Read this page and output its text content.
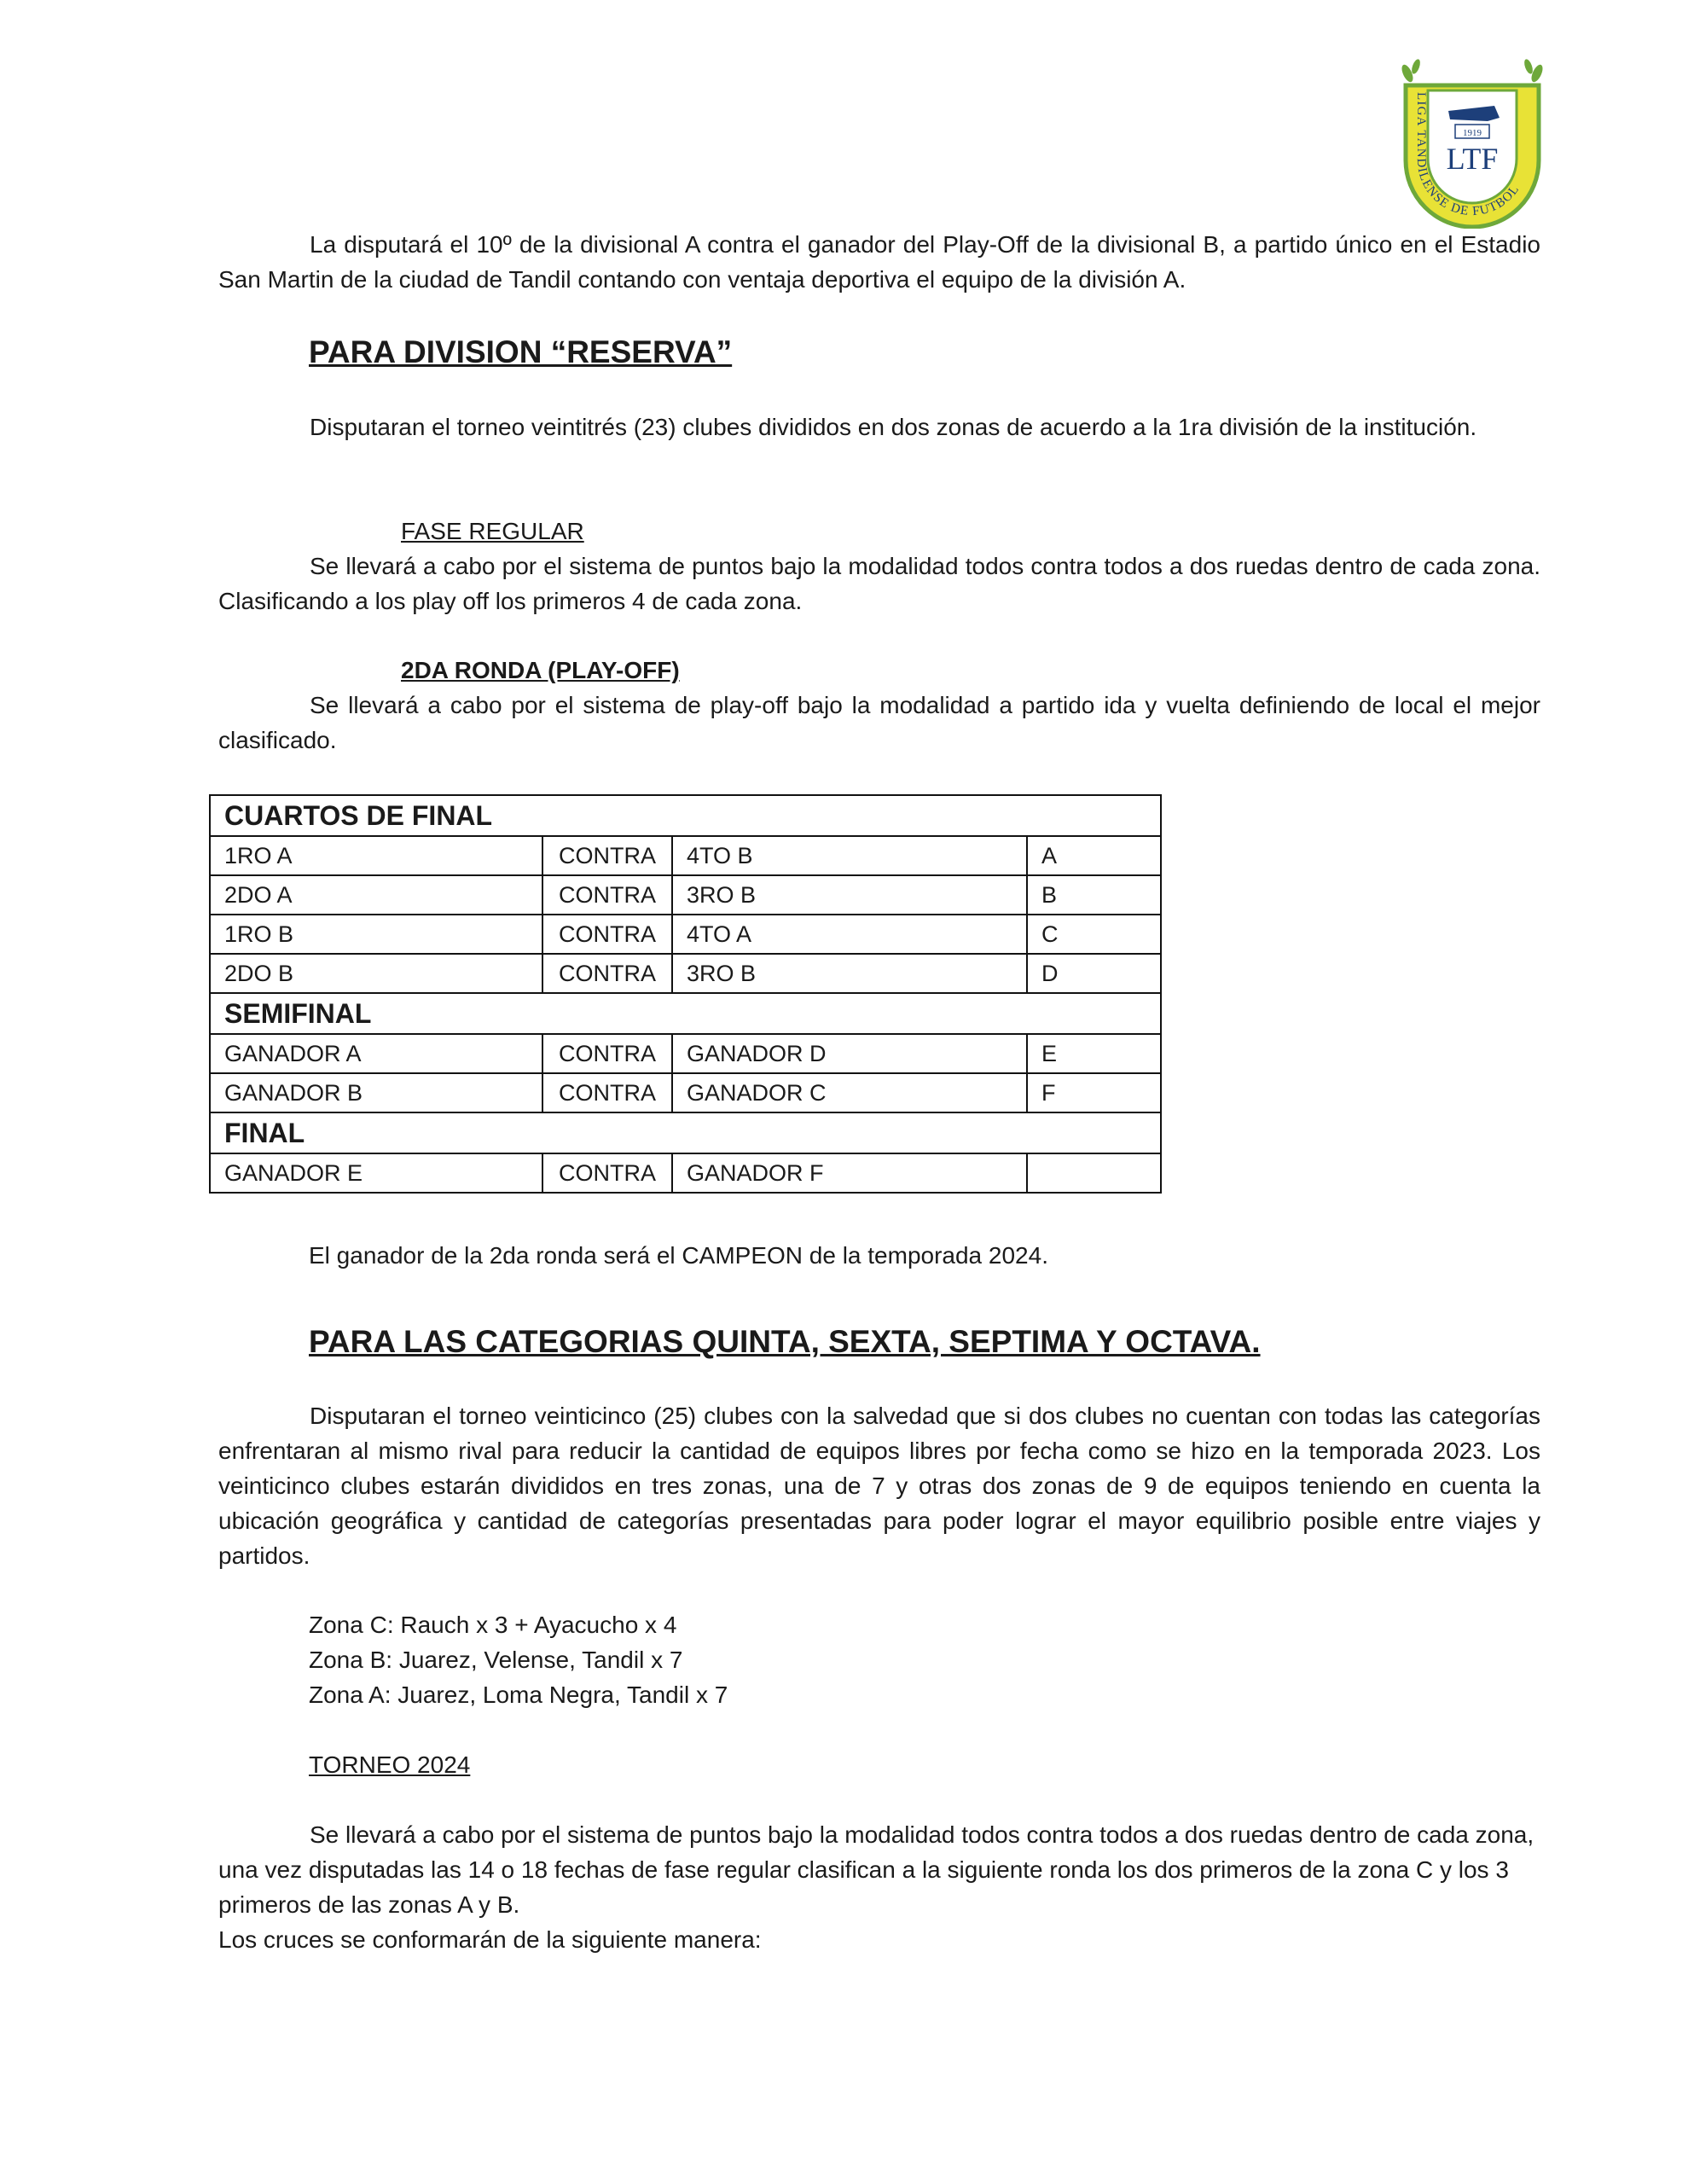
LIGA TANDILENSE DE FUTBOL
1919
LTF
La disputará el 10º de la divisional A contra el ganador del Play-Off de la divisional B, a partido único en el Estadio San Martin de la ciudad de Tandil contando con ventaja deportiva el equipo de la división A.
PARA DIVISION “RESERVA”
Disputaran el torneo veintitrés (23) clubes divididos en dos zonas de acuerdo a la 1ra división de la institución.
FASE REGULAR
Se llevará a cabo por el sistema de puntos bajo la modalidad todos contra todos a dos ruedas dentro de cada zona. Clasificando a los play off los primeros 4 de cada zona.
2DA RONDA (PLAY-OFF)
Se llevará a cabo por el sistema de play-off bajo la modalidad a partido ida y vuelta definiendo de local el mejor clasificado.
CUARTOS DE FINAL			
1RO A	CONTRA	4TO B	A
2DO A	CONTRA	3RO B	B
1RO B	CONTRA	4TO A	C
2DO B	CONTRA	3RO B	D
SEMIFINAL			
GANADOR A	CONTRA	GANADOR D	E
GANADOR B	CONTRA	GANADOR C	F
FINAL			
GANADOR E	CONTRA	GANADOR F	
El ganador de la 2da ronda será el CAMPEON de la temporada 2024.
PARA LAS CATEGORIAS QUINTA, SEXTA, SEPTIMA Y OCTAVA.
Disputaran el torneo veinticinco (25) clubes con la salvedad que si dos clubes no cuentan con todas las categorías enfrentaran al mismo rival para reducir la cantidad de equipos libres por fecha como se hizo en la temporada 2023. Los veinticinco clubes estarán divididos en tres zonas, una de 7 y otras dos zonas de 9 de equipos teniendo en cuenta la ubicación geográfica y cantidad de categorías presentadas para poder lograr el mayor equilibrio posible entre viajes y partidos.
Zona C: Rauch x 3 + Ayacucho x 4
Zona B: Juarez, Velense, Tandil x 7
Zona A: Juarez, Loma Negra, Tandil x 7
TORNEO 2024
Se llevará a cabo por el sistema de puntos bajo la modalidad todos contra todos a dos ruedas dentro de cada zona, una vez disputadas las 14 o 18 fechas de fase regular clasifican a la siguiente ronda los dos primeros de la zona C y los 3 primeros de las zonas A y B.
Los cruces se conformarán de la siguiente manera:
